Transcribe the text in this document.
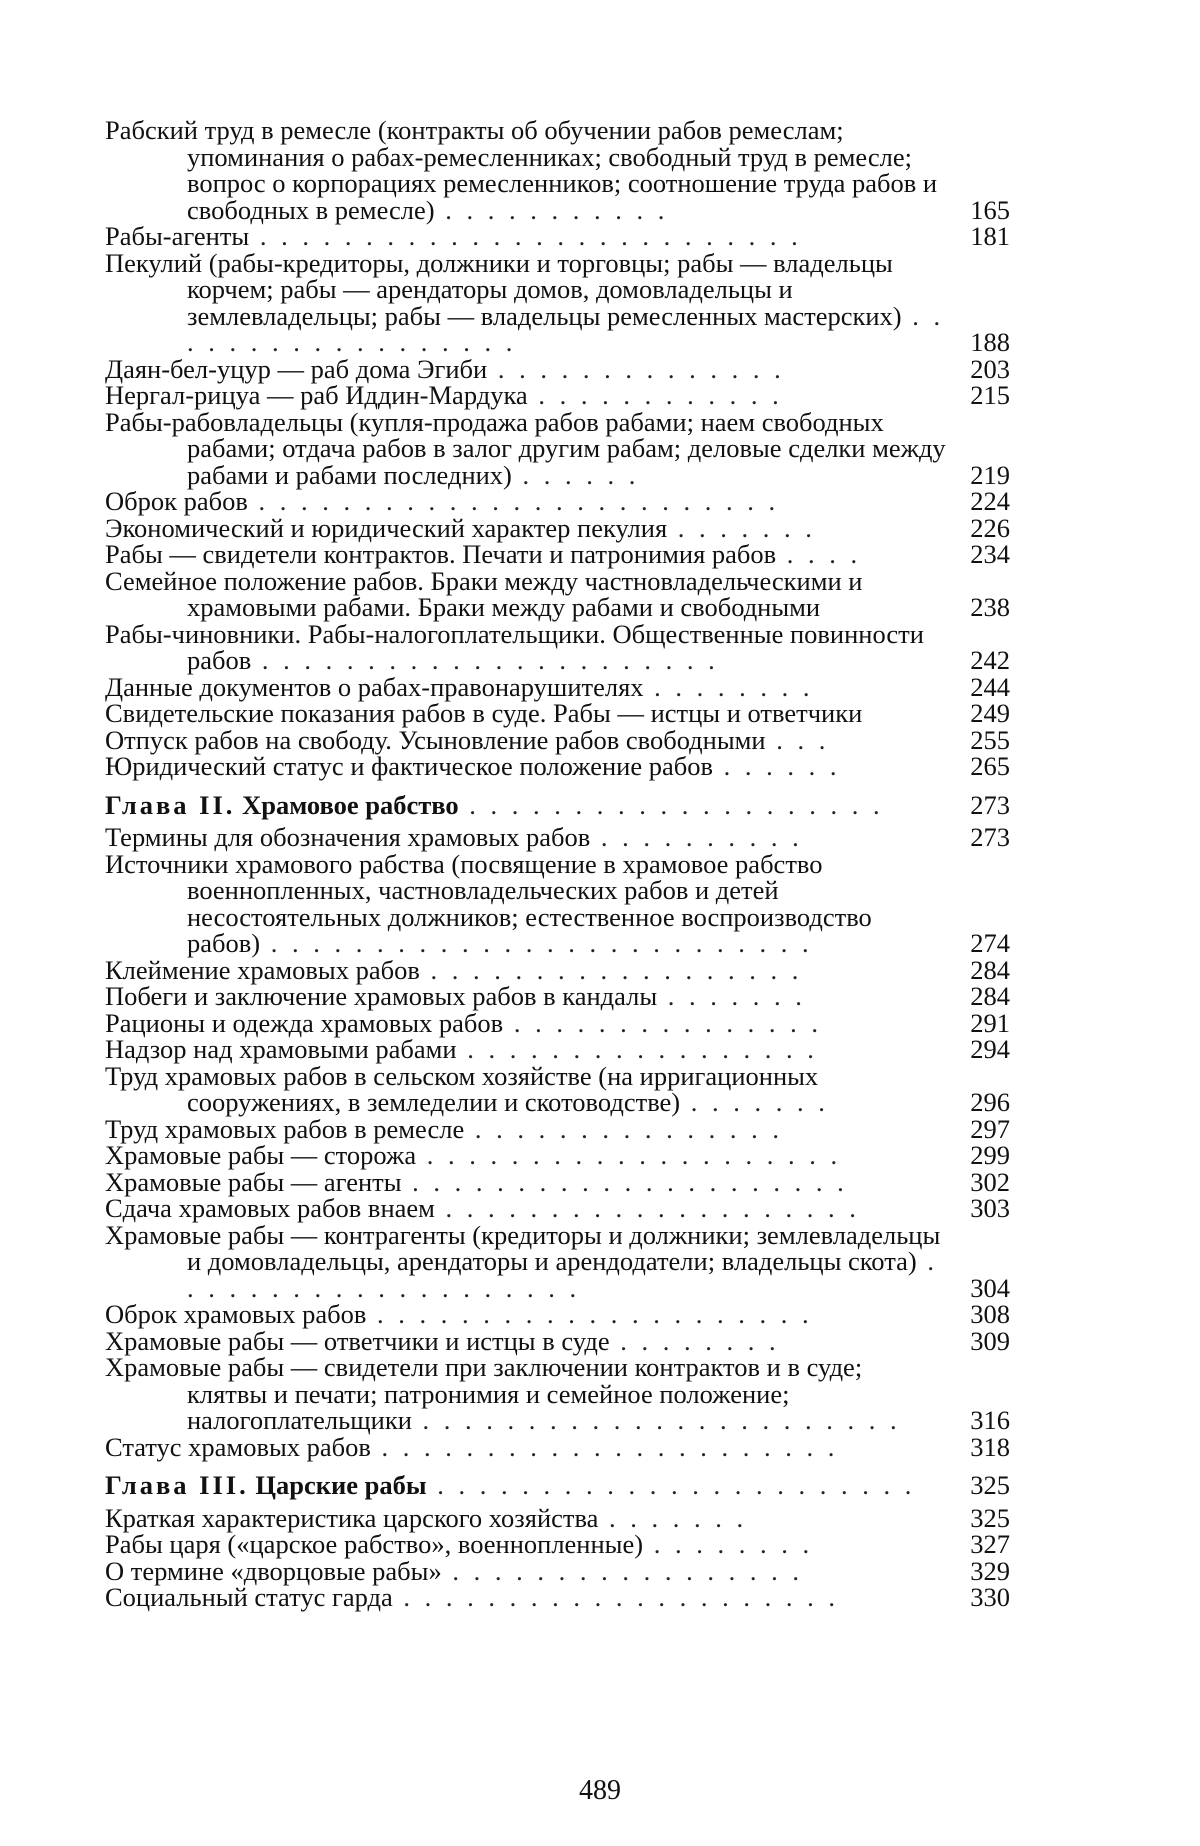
Рабский труд в ремесле (контракты об обучении рабов ремеслам; упоминания о рабах-ремесленниках; свободный труд в ремесле; вопрос о корпорациях ремесленников; соотношение труда рабов и свободных в ремесле) . . . . . . . . . . .	165
Рабы-агенты . . . . . . . . . . . . . . . . . . . . . . . . . .	181
Пекулий (рабы-кредиторы, должники и торговцы; рабы — владельцы корчем; рабы — арендаторы домов, домовладельцы и землевладельцы; рабы — владельцы ремесленных мастерских) . . . . . . . . . . . . . . . . . .	188
Даян-бел-уцур — раб дома Эгиби . . . . . . . . . . . . . .	203
Нергал-рицуа — раб Иддин-Мардука . . . . . . . . . . . .	215
Рабы-рабовладельцы (купля-продажа рабов рабами; наем свободных рабами; отдача рабов в залог другим рабам; деловые сделки между рабами и рабами последних) . . . . . .	219
Оброк рабов . . . . . . . . . . . . . . . . . . . . . . . . .	224
Экономический и юридический характер пекулия . . . . . . .	226
Рабы — свидетели контрактов. Печати и патронимия рабов . . . .	234
Семейное положение рабов. Браки между частновладельческими и храмовыми рабами. Браки между рабами и свободными	238
Рабы-чиновники. Рабы-налогоплательщики. Общественные повинности рабов . . . . . . . . . . . . . . . . . . . . . .	242
Данные документов о рабах-правонарушителях . . . . . . . .	244
Свидетельские показания рабов в суде. Рабы — истцы и ответчики	249
Отпуск рабов на свободу. Усыновление рабов свободными . . .	255
Юридический статус и фактическое положение рабов . . . . . .	265
Глава II. Храмовое рабство . . . . . . . . . . . . . . . . . . . .	273
Термины для обозначения храмовых рабов . . . . . . . . . .	273
Источники храмового рабства (посвящение в храмовое рабство военнопленных, частновладельческих рабов и детей несостоятельных должников; естественное воспроизводство рабов) . . . . . . . . . . . . . . . . . . . . . . . . . .	274
Клеймение храмовых рабов . . . . . . . . . . . . . . . . . .	284
Побеги и заключение храмовых рабов в кандалы . . . . . . .	284
Рационы и одежда храмовых рабов . . . . . . . . . . . . . . .	291
Надзор над храмовыми рабами . . . . . . . . . . . . . . . . .	294
Труд храмовых рабов в сельском хозяйстве (на ирригационных сооружениях, в земледелии и скотоводстве) . . . . . . .	296
Труд храмовых рабов в ремесле . . . . . . . . . . . . . . .	297
Храмовые рабы — сторожа . . . . . . . . . . . . . . . . . . . .	299
Храмовые рабы — агенты . . . . . . . . . . . . . . . . . . . . .	302
Сдача храмовых рабов внаем . . . . . . . . . . . . . . . . . . . .	303
Храмовые рабы — контрагенты (кредиторы и должники; землевладельцы и домовладельцы, арендаторы и арендодатели; владельцы скота) . . . . . . . . . . . . . . . . . . . .	304
Оброк храмовых рабов . . . . . . . . . . . . . . . . . . . . .	308
Храмовые рабы — ответчики и истцы в суде . . . . . . . .	309
Храмовые рабы — свидетели при заключении контрактов и в суде; клятвы и печати; патронимия и семейное положение; налогоплательщики . . . . . . . . . . . . . . . . . . . . . . .	316
Статус храмовых рабов . . . . . . . . . . . . . . . . . . . . . .	318
Глава III. Царские рабы . . . . . . . . . . . . . . . . . . . . . . .	325
Краткая характеристика царского хозяйства . . . . . . .	325
Рабы царя («царское рабство», военнопленные) . . . . . . . .	327
О термине «дворцовые рабы» . . . . . . . . . . . . . . . . .	329
Социальный статус гарда . . . . . . . . . . . . . . . . . . . . .	330
489
